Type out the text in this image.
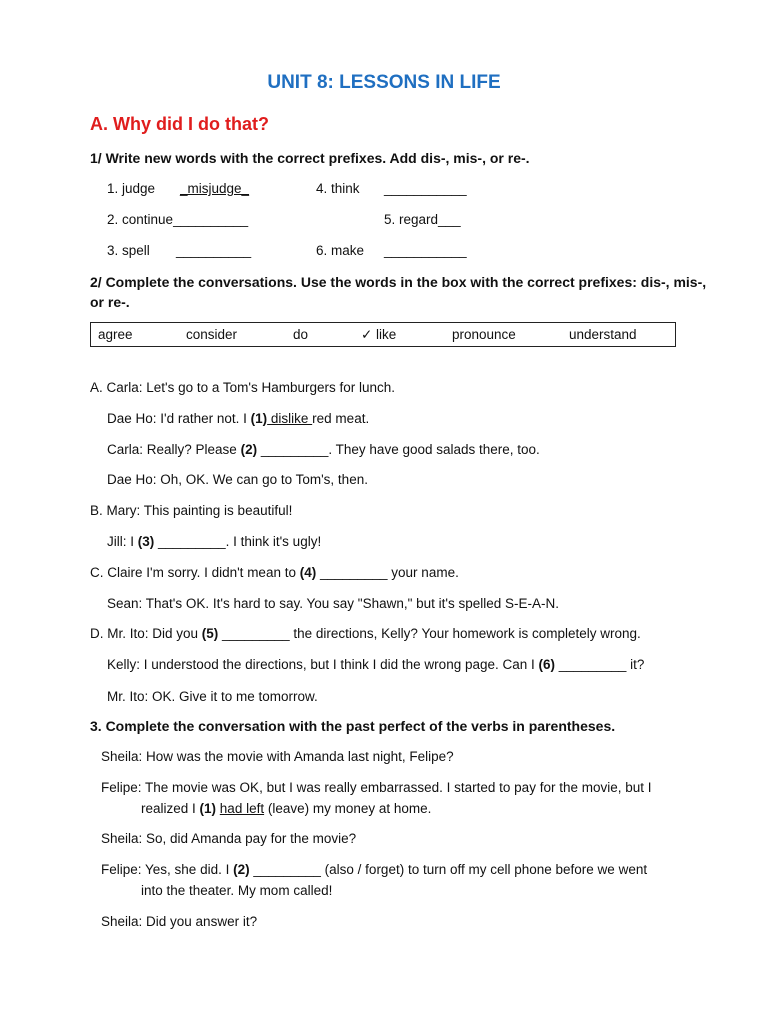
UNIT 8: LESSONS IN LIFE
A. Why did I do that?
1/ Write new words with the correct prefixes. Add dis-, mis-, or re-.
1. judge _misjudge_	4. think ___________
2. continue__________	5. regard___
3. spell __________	6. make ___________
2/ Complete the conversations. Use the words in the box with the correct prefixes: dis-, mis-,
or re-.
agree	consider	do	✓ like	pronounce	understand
A. Carla: Let's go to a Tom's Hamburgers for lunch.
Dae Ho: I'd rather not. I (1) dislike red meat.
Carla: Really? Please (2) _________. They have good salads there, too.
Dae Ho: Oh, OK. We can go to Tom's, then.
B. Mary: This painting is beautiful!
Jill: I (3) _________. I think it's ugly!
C. Claire I'm sorry. I didn't mean to (4) _________ your name.
Sean: That's OK. It's hard to say. You say "Shawn," but it's spelled S-E-A-N.
D. Mr. Ito: Did you (5) _________ the directions, Kelly? Your homework is completely wrong.
Kelly: I understood the directions, but I think I did the wrong page. Can I (6) _________ it?
Mr. Ito: OK. Give it to me tomorrow.
3. Complete the conversation with the past perfect of the verbs in parentheses.
Sheila: How was the movie with Amanda last night, Felipe?
Felipe: The movie was OK, but I was really embarrassed. I started to pay for the movie, but I
realized I (1) had left (leave) my money at home.
Sheila: So, did Amanda pay for the movie?
Felipe: Yes, she did. I (2) _________ (also / forget) to turn off my cell phone before we went
into the theater. My mom called!
Sheila: Did you answer it?
